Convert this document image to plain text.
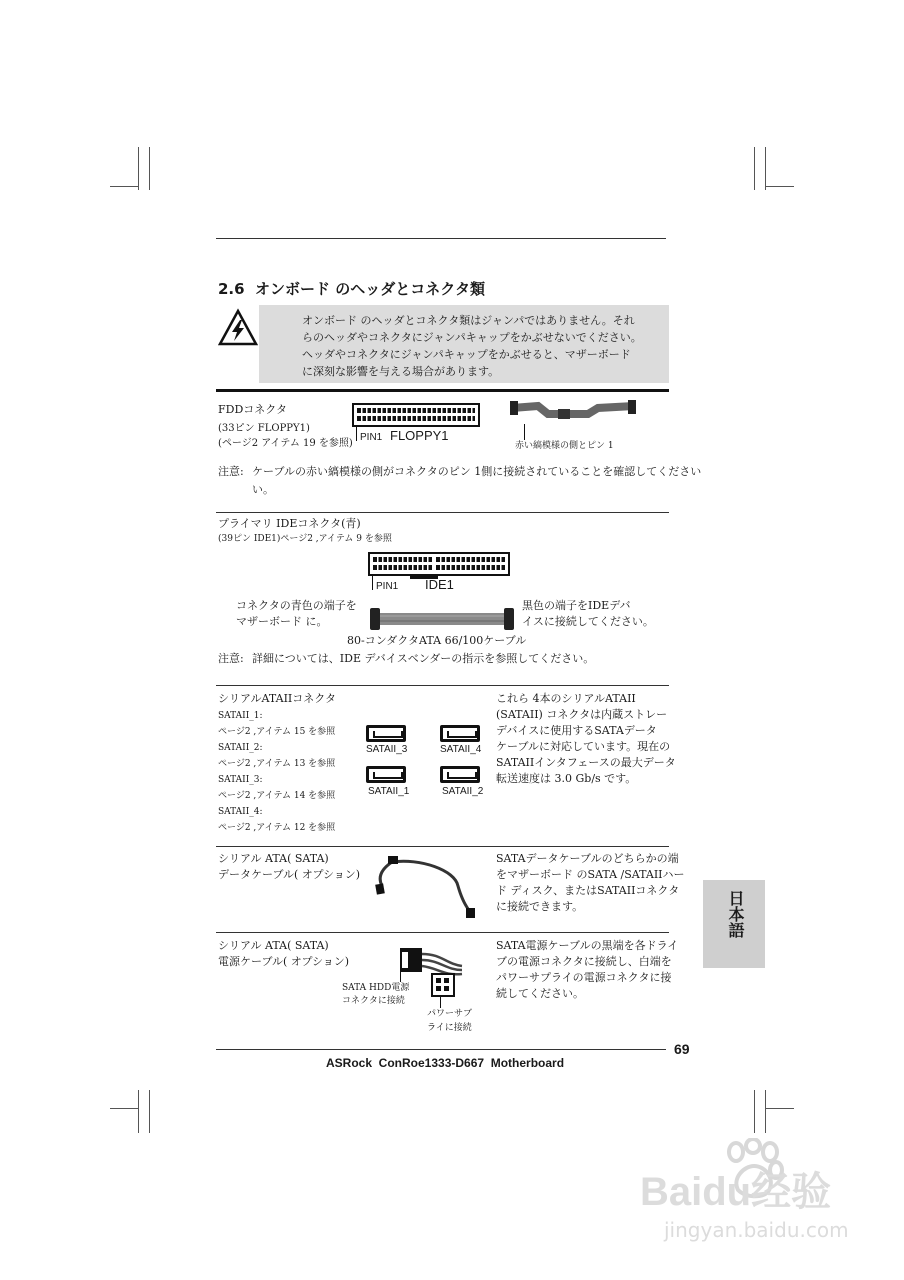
2.6 オンボード のヘッダとコネクタ類
オンボード のヘッダとコネクタ類はジャンパではありません。それ
らのヘッダやコネクタにジャンパキャップをかぶせないでください。
ヘッダやコネクタにジャンパキャップをかぶせると、マザーボード
に深刻な影響を与える場合があります。
FDDコネクタ
(33ピン FLOPPY1)
(ページ2 アイテム 19 を参照)
PIN1 FLOPPY1
赤い縞模様の側とピン 1
注意: ケーブルの赤い縞模様の側がコネクタのピン 1側に接続されていることを確認してください
い。
プライマリ IDEコネクタ(青)
(39ピン IDE1)ページ2 ,アイテム 9 を参照
PIN1 IDE1
コネクタの青色の端子を
マザーボード に。
黒色の端子をIDEデバ
イスに接続してください。
80-コンダクタATA 66/100ケーブル
注意: 詳細については、IDE デバイスベンダーの指示を参照してください。
シリアルATAIIコネクタ
SATAII_1:
ページ2 ,アイテム 15 を参照
SATAII_2:
ページ2 ,アイテム 13 を参照
SATAII_3:
ページ2 ,アイテム 14 を参照
SATAII_4:
ページ2 ,アイテム 12 を参照
SATAII_3	SATAII_4
SATAII_1	SATAII_2
これら 4本のシリアルATAII
(SATAII) コネクタは内蔵ストレー
デバイスに使用するSATAデータ
ケーブルに対応しています。現在の
SATAIIインタフェースの最大データ
転送速度は 3.0 Gb/s です。
シリアル ATA( SATA)
データケーブル( オプション)
SATAデータケーブルのどちらかの端
をマザーボード のSATA /SATAIIハー
ド ディスク、またはSATAIIコネクタ
に接続できます。
シリアル ATA( SATA)
電源ケーブル( オプション)
SATA HDD電源
コネクタに接続
パワーサブ
ライに接続
SATA電源ケーブルの黒端を各ドライ
ブの電源コネクタに接続し、白端を
パワーサプライの電源コネクタに接
続してください。
日本語
69
ASRock  ConRoe1333-D667  Motherboard
Baidu经验
jingyan.baidu.com
